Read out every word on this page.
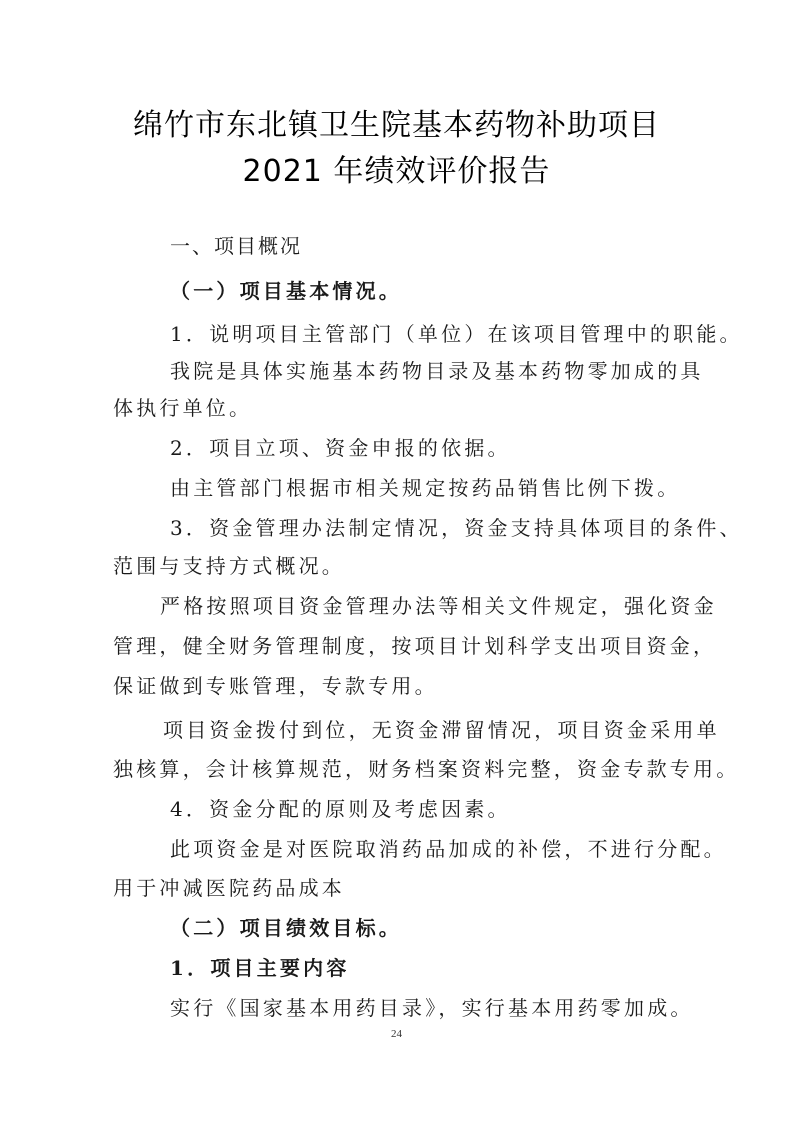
绵竹市东北镇卫生院基本药物补助项目
2021 年绩效评价报告
一、项目概况
（一）项目基本情况。
1．说明项目主管部门（单位）在该项目管理中的职能。
我院是具体实施基本药物目录及基本药物零加成的具
体执行单位。
2．项目立项、资金申报的依据。
由主管部门根据市相关规定按药品销售比例下拨。
3．资金管理办法制定情况，资金支持具体项目的条件、
范围与支持方式概况。
严格按照项目资金管理办法等相关文件规定，强化资金
管理，健全财务管理制度，按项目计划科学支出项目资金，
保证做到专账管理，专款专用。
项目资金拨付到位，无资金滞留情况，项目资金采用单
独核算，会计核算规范，财务档案资料完整，资金专款专用。
4．资金分配的原则及考虑因素。
此项资金是对医院取消药品加成的补偿，不进行分配。
用于冲减医院药品成本
（二）项目绩效目标。
1．项目主要内容
实行《国家基本用药目录》，实行基本用药零加成。
24
